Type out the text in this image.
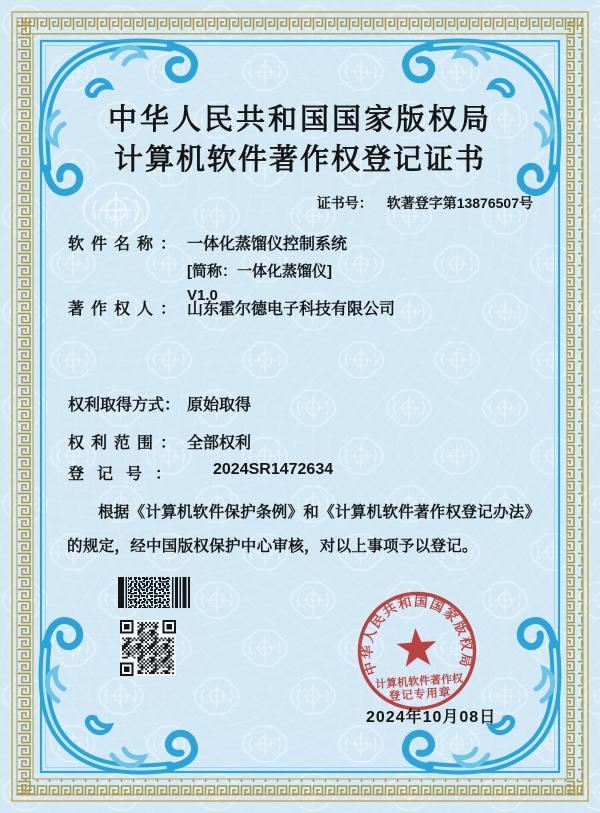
中华人民共和国国家版权局
计算机软件著作权登记证书
证书号： 软著登字第13876507号
软件名称： 一体化蒸馏仪控制系统
[简称：一体化蒸馏仪]
V1.0
著作权人： 山东霍尔德电子科技有限公司
权利取得方式： 原始取得
权利范围： 全部权利
登记号： 2024SR1472634
根据《计算机软件保护条例》和《计算机软件著作权登记办法》的规定，经中国版权保护中心审核，对以上事项予以登记。
中华人民共和国国家版权局
计算机软件著作权
登记专用章
2024年10月08日
